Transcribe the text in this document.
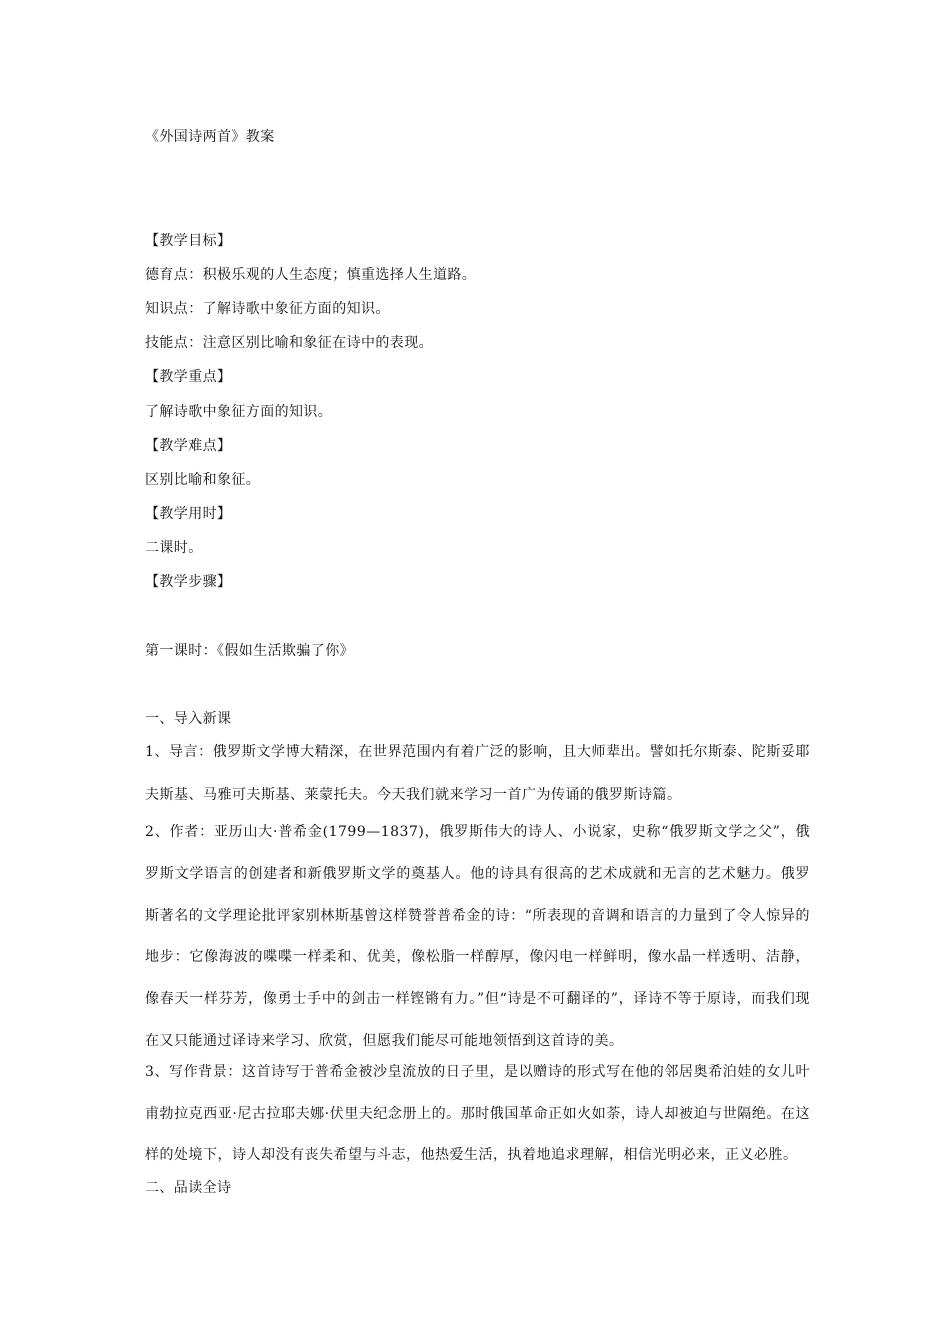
《外国诗两首》教案
【教学目标】
德育点：积极乐观的人生态度；慎重选择人生道路。
知识点：了解诗歌中象征方面的知识。
技能点：注意区别比喻和象征在诗中的表现。
【教学重点】
了解诗歌中象征方面的知识。
【教学难点】
区别比喻和象征。
【教学用时】
二课时。
【教学步骤】
第一课时：《假如生活欺骗了你》
一、导入新课
1、导言：俄罗斯文学博大精深，在世界范围内有着广泛的影响，且大师辈出。譬如托尔斯泰、陀斯妥耶夫斯基、马雅可夫斯基、莱蒙托夫。今天我们就来学习一首广为传诵的俄罗斯诗篇。
2、作者：亚历山大·普希金(1799—1837)，俄罗斯伟大的诗人、小说家，史称“俄罗斯文学之父”，俄罗斯文学语言的创建者和新俄罗斯文学的奠基人。他的诗具有很高的艺术成就和无言的艺术魅力。俄罗斯著名的文学理论批评家别林斯基曾这样赞誉普希金的诗：“所表现的音调和语言的力量到了令人惊异的地步：它像海波的喋喋一样柔和、优美，像松脂一样醇厚，像闪电一样鲜明，像水晶一样透明、洁静，像春天一样芬芳，像勇士手中的剑击一样铿锵有力。”但“诗是不可翻译的”，译诗不等于原诗，而我们现在又只能通过译诗来学习、欣赏，但愿我们能尽可能地领悟到这首诗的美。
3、写作背景：这首诗写于普希金被沙皇流放的日子里，是以赠诗的形式写在他的邻居奥希泊娃的女儿叶甫勃拉克西亚·尼古拉耶夫娜·伏里夫纪念册上的。那时俄国革命正如火如荼，诗人却被迫与世隔绝。在这样的处境下，诗人却没有丧失希望与斗志，他热爱生活，执着地追求理解，相信光明必来，正义必胜。
二、品读全诗
